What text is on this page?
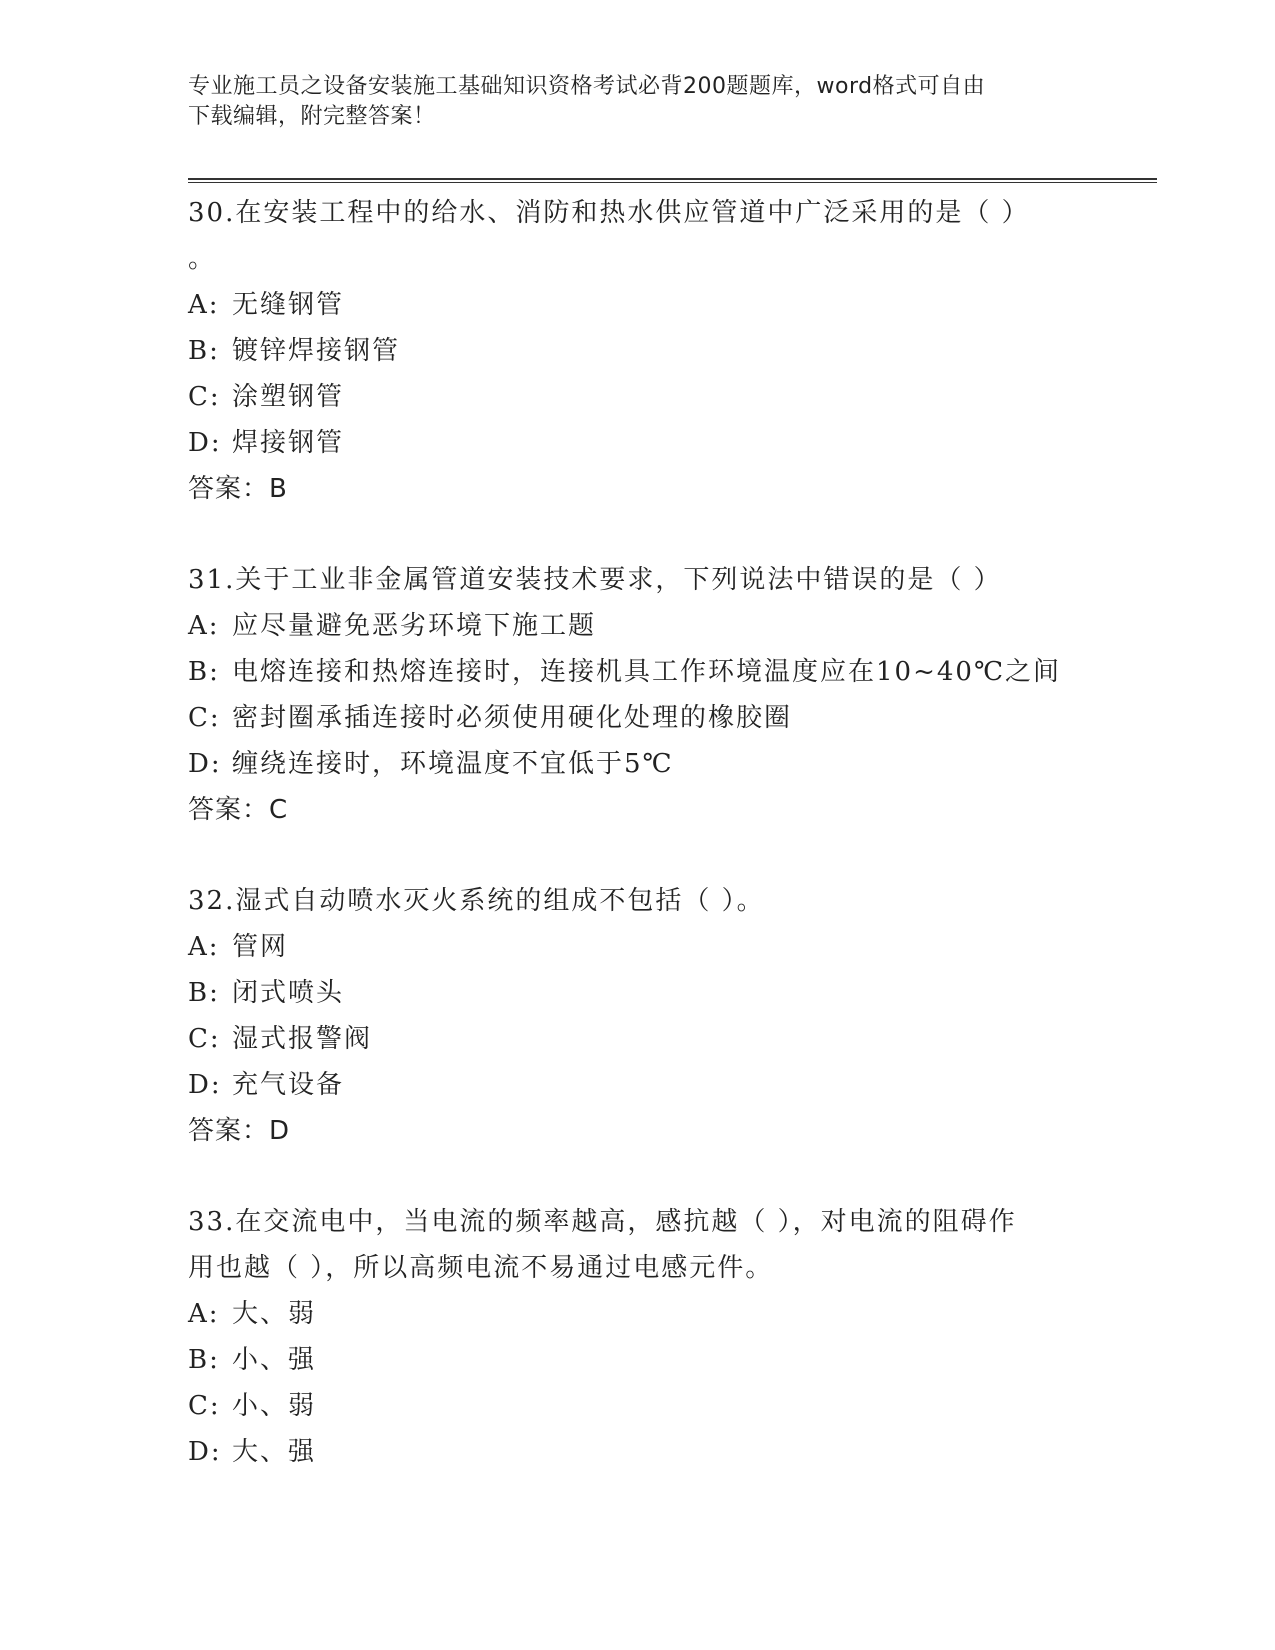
专业施工员之设备安装施工基础知识资格考试必背200题题库，word格式可自由
下载编辑，附完整答案！
30.在安装工程中的给水、消防和热水供应管道中广泛采用的是（ ）
。
A: 无缝钢管
B: 镀锌焊接钢管
C: 涂塑钢管
D: 焊接钢管
答案：B
31.关于工业非金属管道安装技术要求，下列说法中错误的是（ ）
A: 应尽量避免恶劣环境下施工题
B: 电熔连接和热熔连接时，连接机具工作环境温度应在10~40℃之间
C: 密封圈承插连接时必须使用硬化处理的橡胶圈
D: 缠绕连接时，环境温度不宜低于5℃
答案：C
32.湿式自动喷水灭火系统的组成不包括（ ）。
A: 管网
B: 闭式喷头
C: 湿式报警阀
D: 充气设备
答案：D
33.在交流电中，当电流的频率越高，感抗越（ ），对电流的阻碍作
用也越（ ），所以高频电流不易通过电感元件。
A: 大、弱
B: 小、强
C: 小、弱
D: 大、强
